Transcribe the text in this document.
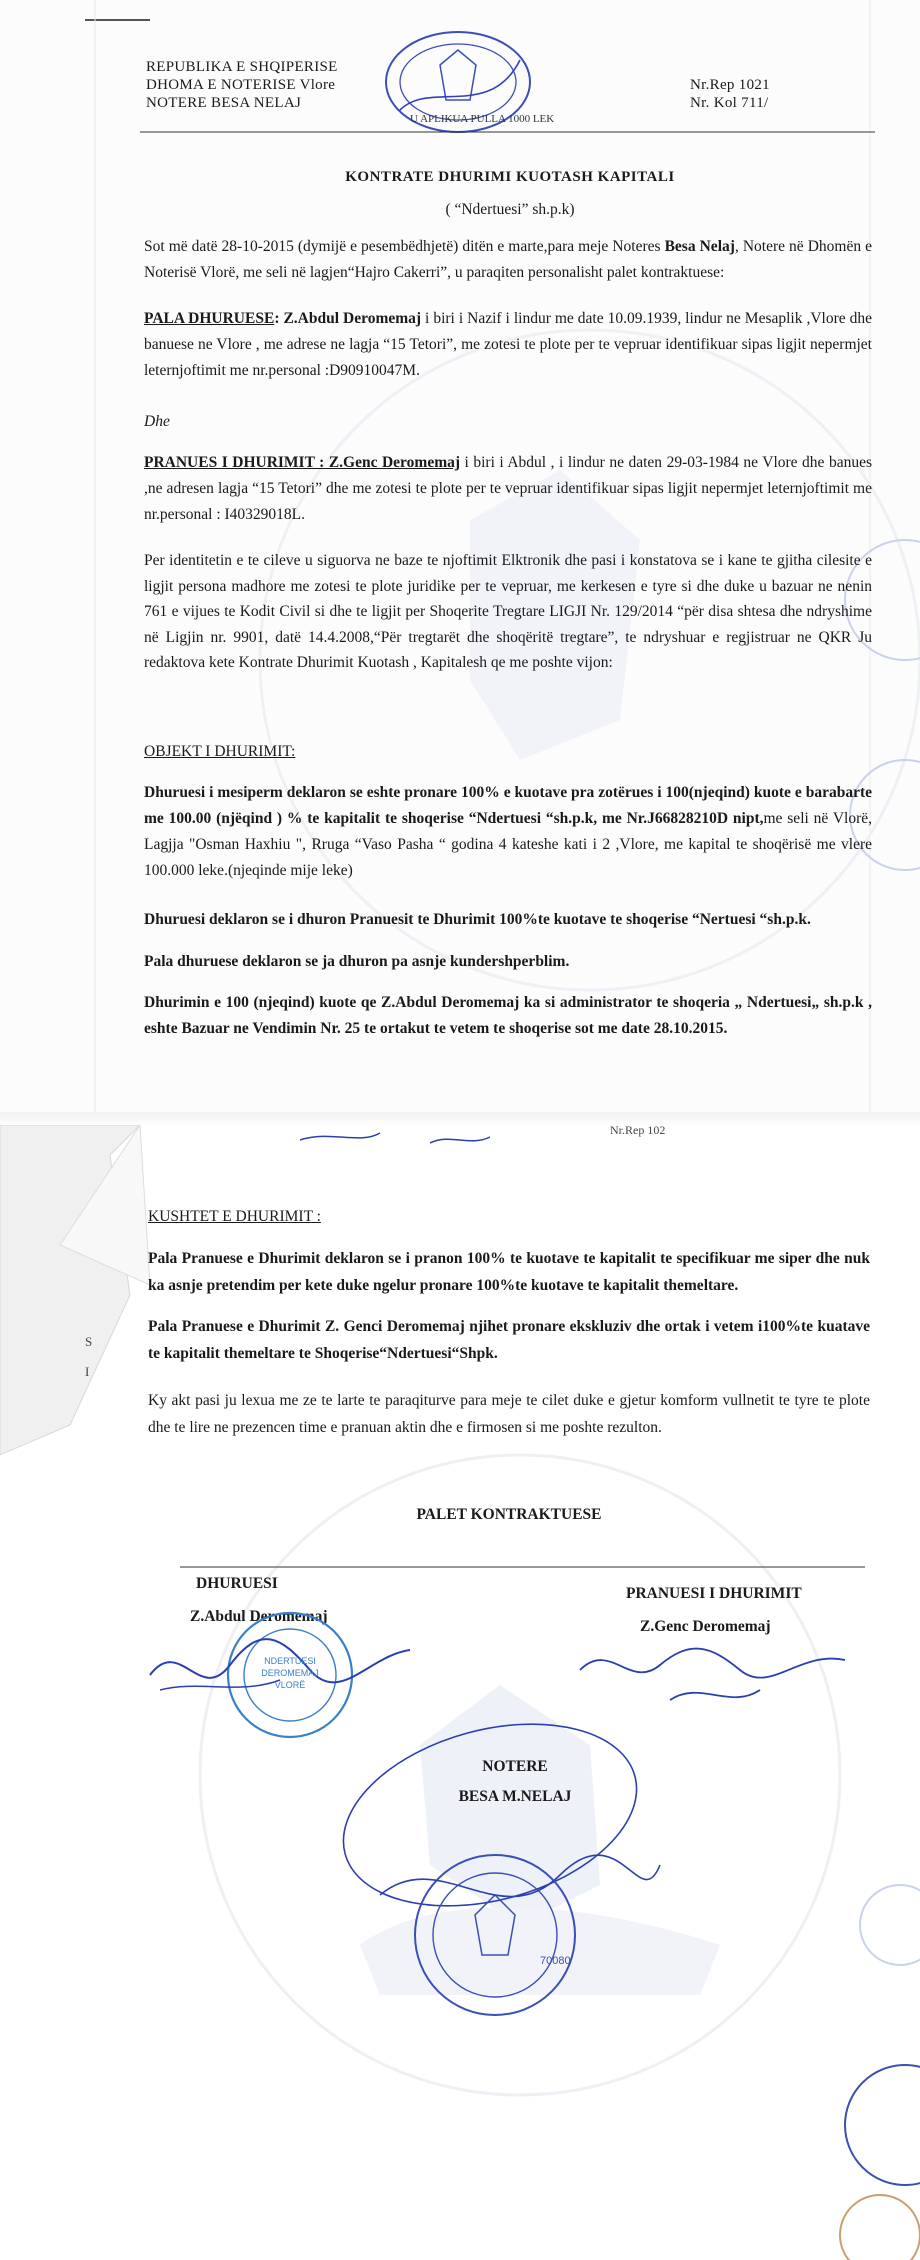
REPUBLIKA E SHQIPERISE
DHOMA E NOTERISE Vlore
NOTERE BESA NELAJ
Nr.Rep 1021
Nr. Kol 711/
U APLIKUA PULLA 1000 LEK
KONTRATE DHURIMI KUOTASH KAPITALI
( “Ndertuesi” sh.p.k)
Sot më datë 28-10-2015 (dymijë e pesembëdhjetë) ditën e marte,para meje Noteres Besa Nelaj, Notere në Dhomën e Noterisë Vlorë, me seli në lagjen“Hajro Cakerri”, u paraqiten personalisht palet kontraktuese:
PALA DHURUESE: Z.Abdul Deromemaj i biri i Nazif i lindur me date 10.09.1939, lindur ne Mesaplik ,Vlore dhe banuese ne Vlore , me adrese ne lagja “15 Tetori”, me zotesi te plote per te vepruar identifikuar sipas ligjit nepermjet leternjoftimit me nr.personal :D90910047M.
Dhe
PRANUES I DHURIMIT : Z.Genc Deromemaj i biri i Abdul , i lindur ne daten 29-03-1984 ne Vlore dhe banues ,ne adresen lagja “15 Tetori” dhe me zotesi te plote per te vepruar identifikuar sipas ligjit nepermjet leternjoftimit me nr.personal : I40329018L.
Per identitetin e te cileve u siguorva ne baze te njoftimit Elktronik dhe pasi i konstatova se i kane te gjitha cilesite e ligjit persona madhore me zotesi te plote juridike per te vepruar, me kerkesen e tyre si dhe duke u bazuar ne nenin 761 e vijues te Kodit Civil si dhe te ligjit per Shoqerite Tregtare LIGJI Nr. 129/2014 “për disa shtesa dhe ndryshime në Ligjin nr. 9901, datë 14.4.2008,“Për tregtarët dhe shoqëritë tregtare”, te ndryshuar e regjistruar ne QKR Ju redaktova kete Kontrate Dhurimit Kuotash , Kapitalesh qe me poshte vijon:
OBJEKT I DHURIMIT:
Dhuruesi i mesiperm deklaron se eshte pronare 100% e kuotave pra zotërues i 100(njeqind) kuote e barabarte me 100.00 (njëqind ) % te kapitalit te shoqerise “Ndertuesi “sh.p.k, me Nr.J66828210D nipt,me seli në Vlorë, Lagjja "Osman Haxhiu ", Rruga “Vaso Pasha “ godina 4 kateshe kati i 2 ,Vlore, me kapital te shoqërisë me vlere 100.000 leke.(njeqinde mije leke)
Dhuruesi deklaron se i dhuron Pranuesit te Dhurimit 100%te kuotave te shoqerise “Nertuesi “sh.p.k.
Pala dhuruese deklaron se ja dhuron pa asnje kundershperblim.
Dhurimin e 100 (njeqind) kuote qe Z.Abdul Deromemaj ka si administrator te shoqeria „ Ndertuesi„ sh.p.k , eshte Bazuar ne Vendimin Nr. 25 te ortakut te vetem te shoqerise sot me date 28.10.2015.
Nr.Rep 102
S
I
KUSHTET E DHURIMIT :
Pala Pranuese e Dhurimit deklaron se i pranon 100% te kuotave te kapitalit te specifikuar me siper dhe nuk ka asnje pretendim per kete duke ngelur pronare 100%te kuotave te kapitalit themeltare.
Pala Pranuese e Dhurimit Z. Genci Deromemaj njihet pronare ekskluziv dhe ortak i vetem i100%te kuatave te kapitalit themeltare te Shoqerise“Ndertuesi“Shpk.
Ky akt pasi ju lexua me ze te larte te paraqiturve para meje te cilet duke e gjetur komform vullnetit te tyre te plote dhe te lire ne prezencen time e pranuan aktin dhe e firmosen si me poshte rezulton.
PALET KONTRAKTUESE
DHURUESI
Z.Abdul Deromemaj
PRANUESI I DHURIMIT
Z.Genc Deromemaj
NDERTUESI DEROMEMAJ VLORË
NOTERE
BESA M.NELAJ
70080
